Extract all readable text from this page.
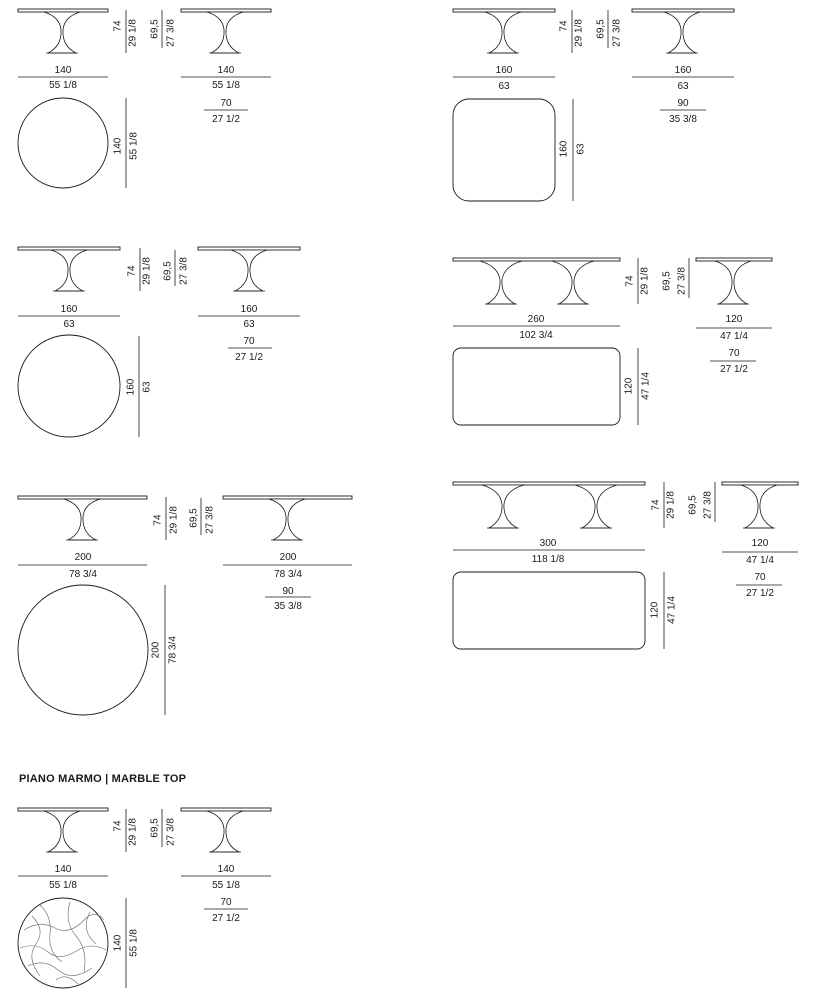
140
55 1/8
74 29 1/8 69,5 27 3/8
140
55 1/8
70
27 1/2
140 55 1/8
160
63
74 29 1/8 69,5 27 3/8
160
63
90
35 3/8
160 63
160
63
74 29 1/8 69,5 27 3/8
160
63
70
27 1/2
160 63
260
102 3/4
74 29 1/8 69,5 27 3/8
120
47 1/4
70
27 1/2
120 47 1/4
200
78 3/4
74 29 1/8 69,5 27 3/8
200
78 3/4
90
35 3/8
200 78 3/4
300
118 1/8
74 29 1/8 69,5 27 3/8
120
47 1/4
70
27 1/2
120 47 1/4
PIANO MARMO | MARBLE TOP
140
55 1/8
74 29 1/8 69,5 27 3/8
140
55 1/8
70
27 1/2
140 55 1/8
